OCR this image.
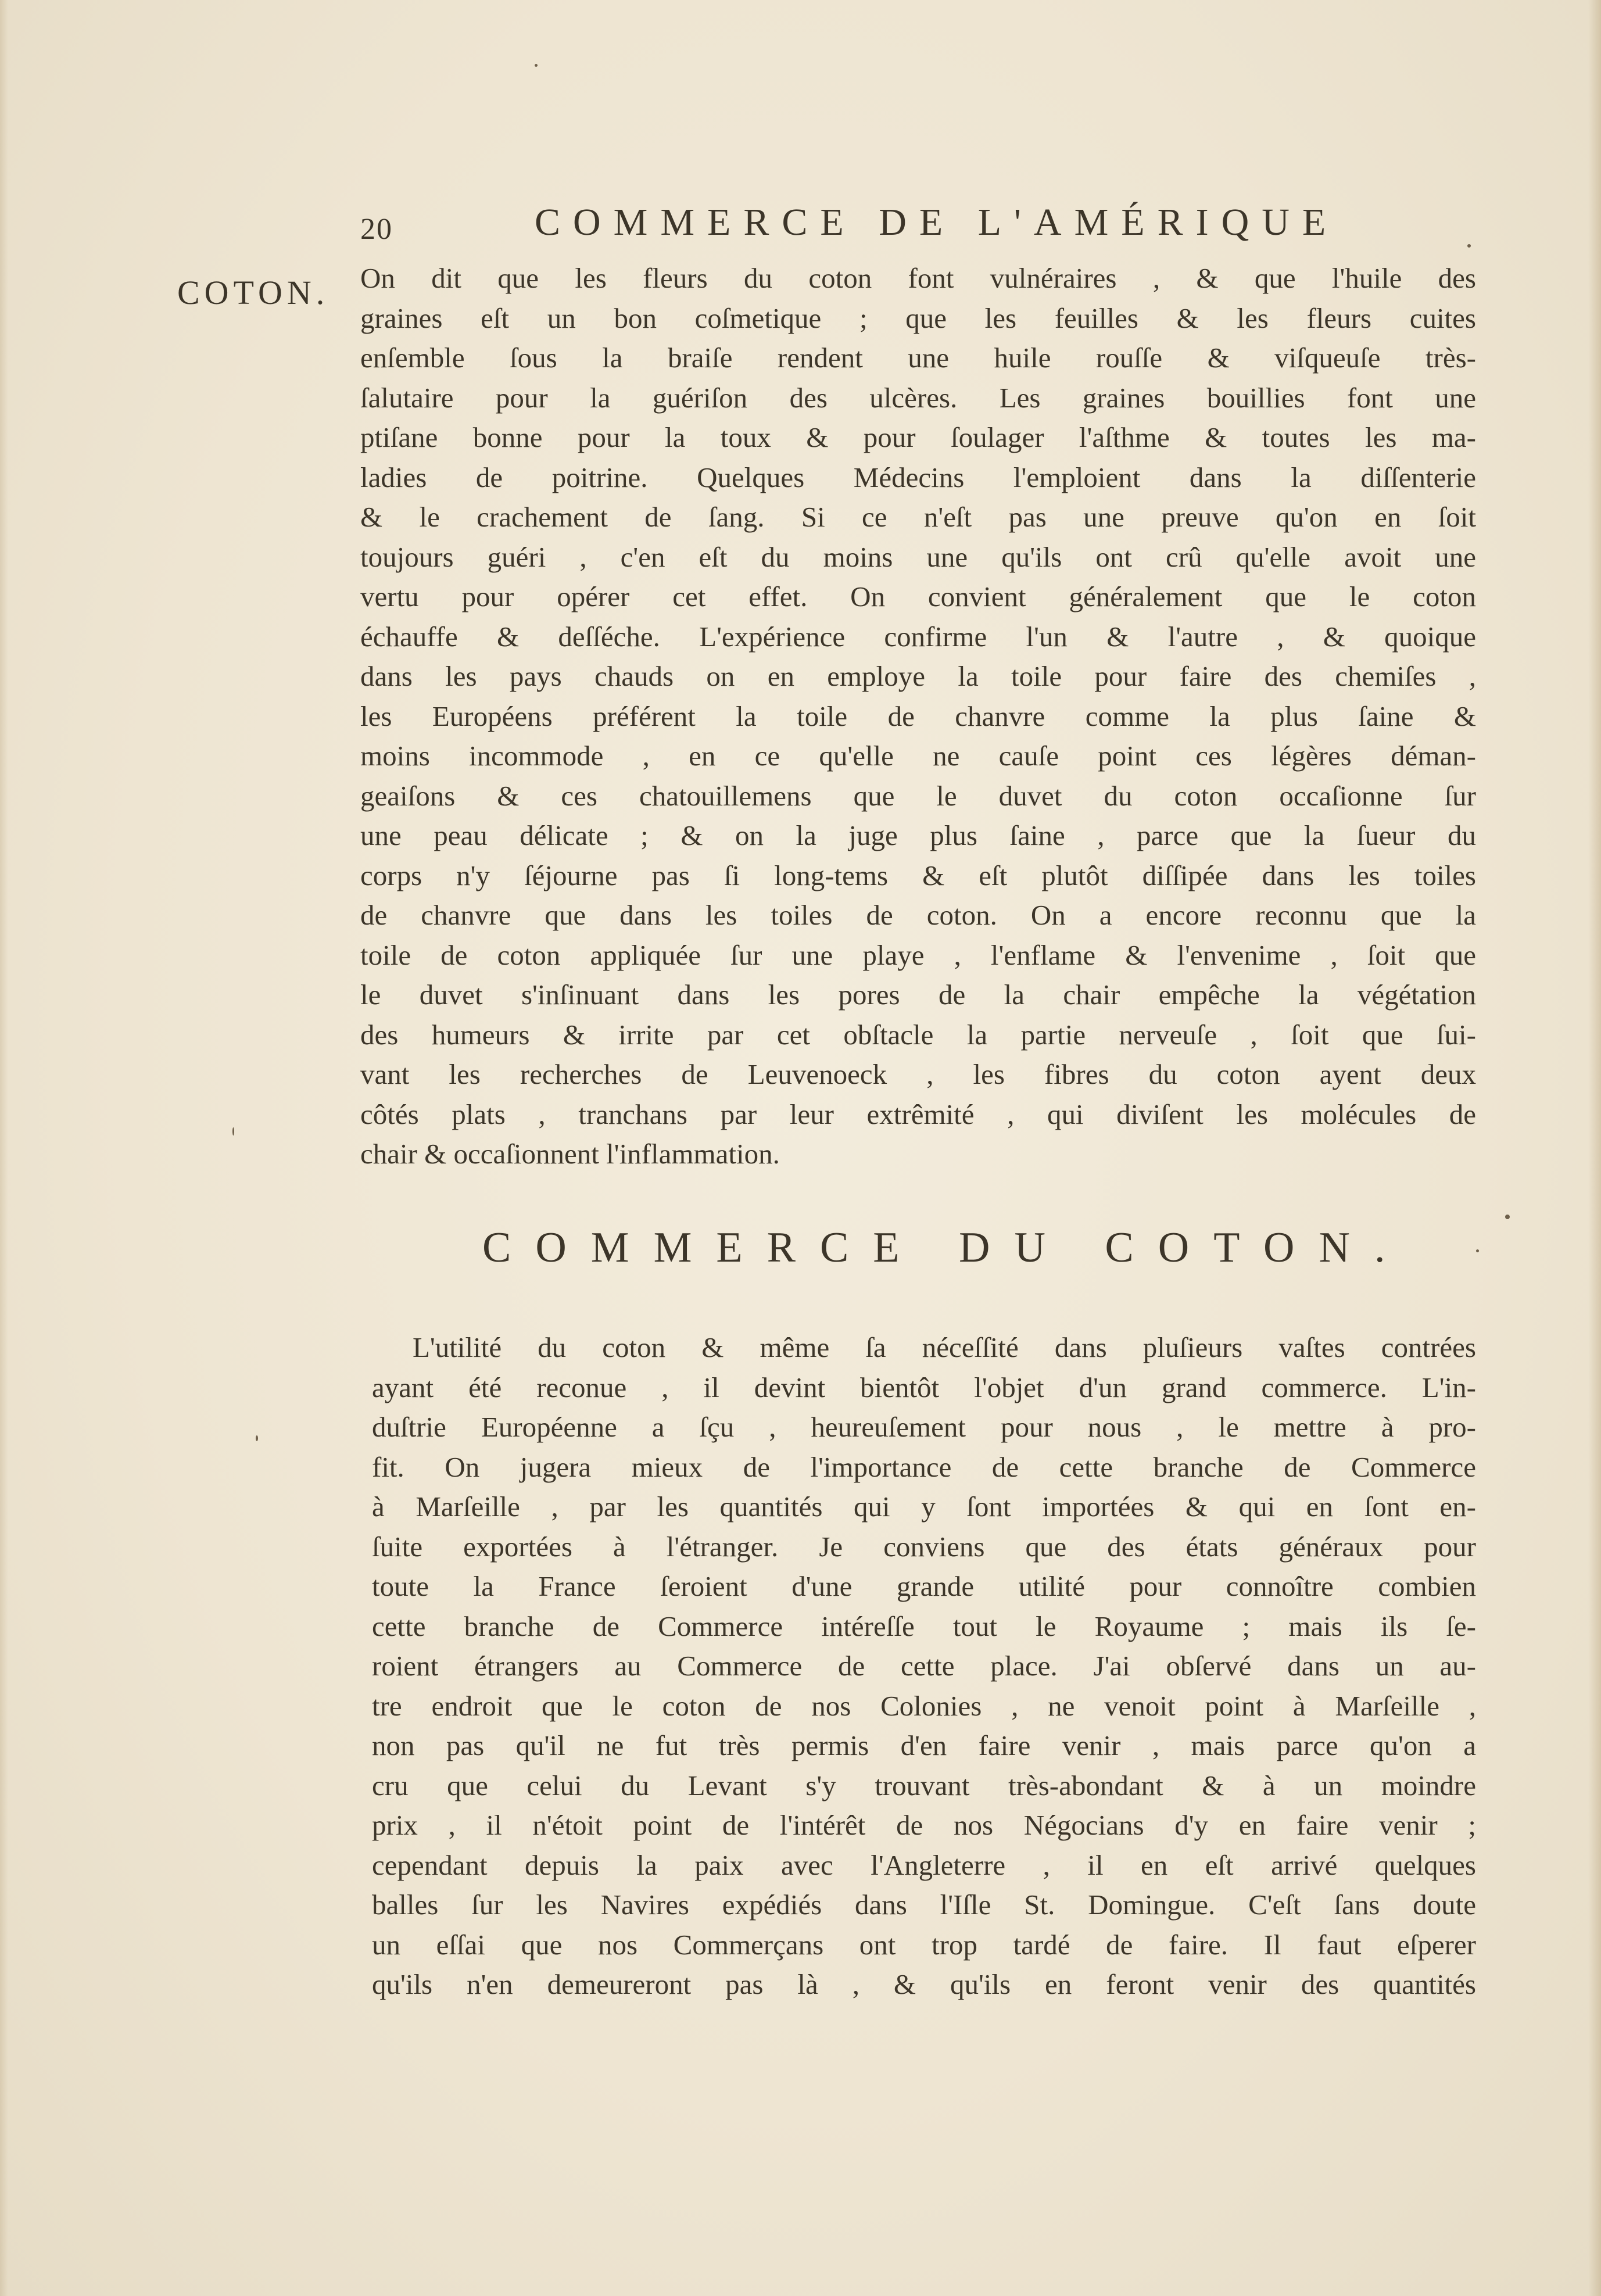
20	COMMERCE DE L'AMÉRIQUE
COTON. On dit que les fleurs du coton font vulnéraires , & que l'huile des
graines eſt un bon coſmetique ; que les feuilles & les fleurs cuites
enſemble ſous la braiſe rendent une huile rouſſe & viſqueuſe très-
ſalutaire pour la guériſon des ulcères. Les graines bouillies font une
ptiſane bonne pour la toux & pour ſoulager l'aſthme & toutes les ma-
ladies de poitrine. Quelques Médecins l'emploient dans la diſſenterie
& le crachement de ſang. Si ce n'eſt pas une preuve qu'on en ſoit
toujours guéri , c'en eſt du moins une qu'ils ont crû qu'elle avoit une
vertu pour opérer cet effet. On convient généralement que le coton
échauffe & deſſéche. L'expérience confirme l'un & l'autre , & quoique
dans les pays chauds on en employe la toile pour faire des chemiſes ,
les Européens préférent la toile de chanvre comme la plus ſaine &
moins incommode , en ce qu'elle ne cauſe point ces légères déman-
geaiſons & ces chatouillemens que le duvet du coton occaſionne ſur
une peau délicate ; & on la juge plus ſaine , parce que la ſueur du
corps n'y ſéjourne pas ſi long-tems & eſt plutôt diſſipée dans les toiles
de chanvre que dans les toiles de coton. On a encore reconnu que la
toile de coton appliquée ſur une playe , l'enflame & l'envenime , ſoit que
le duvet s'inſinuant dans les pores de la chair empêche la végétation
des humeurs & irrite par cet obſtacle la partie nerveuſe , ſoit que ſui-
vant les recherches de Leuvenoeck , les fibres du coton ayent deux
côtés plats , tranchans par leur extrêmité , qui diviſent les molécules de
chair & occaſionnent l'inflammation.
COMMERCE DU COTON.
L'utilité du coton & même ſa néceſſité dans pluſieurs vaſtes contrées
ayant été reconue , il devint bientôt l'objet d'un grand commerce. L'in-
duſtrie Européenne a ſçu , heureuſement pour nous , le mettre à pro-
fit. On jugera mieux de l'importance de cette branche de Commerce
à Marſeille , par les quantités qui y ſont importées & qui en ſont en-
ſuite exportées à l'étranger. Je conviens que des états généraux pour
toute la France ſeroient d'une grande utilité pour connoître combien
cette branche de Commerce intéreſſe tout le Royaume ; mais ils ſe-
roient étrangers au Commerce de cette place. J'ai obſervé dans un au-
tre endroit que le coton de nos Colonies , ne venoit point à Marſeille ,
non pas qu'il ne fut très permis d'en faire venir , mais parce qu'on a
cru que celui du Levant s'y trouvant très-abondant & à un moindre
prix , il n'étoit point de l'intérêt de nos Négocians d'y en faire venir ;
cependant depuis la paix avec l'Angleterre , il en eſt arrivé quelques
balles ſur les Navires expédiés dans l'Iſle St. Domingue. C'eſt ſans doute
un eſſai que nos Commerçans ont trop tardé de faire. Il faut eſperer
qu'ils n'en demeureront pas là , & qu'ils en feront venir des quantités
